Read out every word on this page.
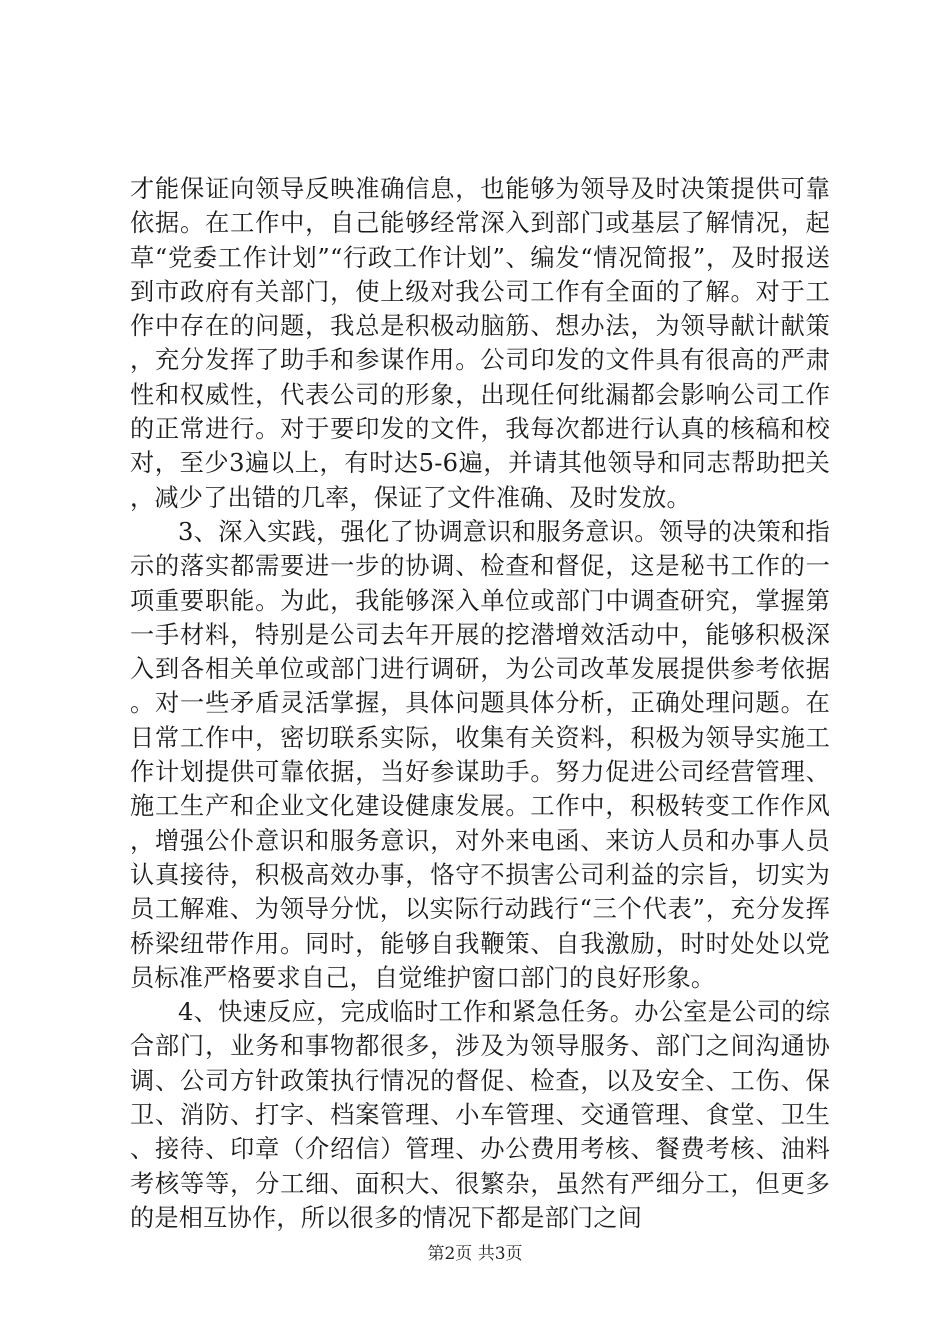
才能保证向领导反映准确信息，也能够为领导及时决策提供可靠依据。在工作中，自己能够经常深入到部门或基层了解情况，起草“党委工作计划”“行政工作计划”、编发“情况简报”，及时报送到市政府有关部门，使上级对我公司工作有全面的了解。对于工作中存在的问题，我总是积极动脑筋、想办法，为领导献计献策，充分发挥了助手和参谋作用。公司印发的文件具有很高的严肃性和权威性，代表公司的形象，出现任何纰漏都会影响公司工作的正常进行。对于要印发的文件，我每次都进行认真的核稿和校对，至少3遍以上，有时达5-6遍，并请其他领导和同志帮助把关，减少了出错的几率，保证了文件准确、及时发放。

3、深入实践，强化了协调意识和服务意识。领导的决策和指示的落实都需要进一步的协调、检查和督促，这是秘书工作的一项重要职能。为此，我能够深入单位或部门中调查研究，掌握第一手材料，特别是公司去年开展的挖潜增效活动中，能够积极深入到各相关单位或部门进行调研，为公司改革发展提供参考依据。对一些矛盾灵活掌握，具体问题具体分析，正确处理问题。在日常工作中，密切联系实际，收集有关资料，积极为领导实施工作计划提供可靠依据，当好参谋助手。努力促进公司经营管理、施工生产和企业文化建设健康发展。工作中，积极转变工作作风，增强公仆意识和服务意识，对外来电函、来访人员和办事人员认真接待，积极高效办事，恪守不损害公司利益的宗旨，切实为员工解难、为领导分忧，以实际行动践行“三个代表”，充分发挥桥梁纽带作用。同时，能够自我鞭策、自我激励，时时处处以党员标准严格要求自己，自觉维护窗口部门的良好形象。

4、快速反应，完成临时工作和紧急任务。办公室是公司的综合部门，业务和事物都很多，涉及为领导服务、部门之间沟通协调、公司方针政策执行情况的督促、检查，以及安全、工伤、保卫、消防、打字、档案管理、小车管理、交通管理、食堂、卫生、接待、印章（介绍信）管理、办公费用考核、餐费考核、油料考核等等，分工细、面积大、很繁杂，虽然有严细分工，但更多的是相互协作，所以很多的情况下都是部门之间

第2页 共3页
